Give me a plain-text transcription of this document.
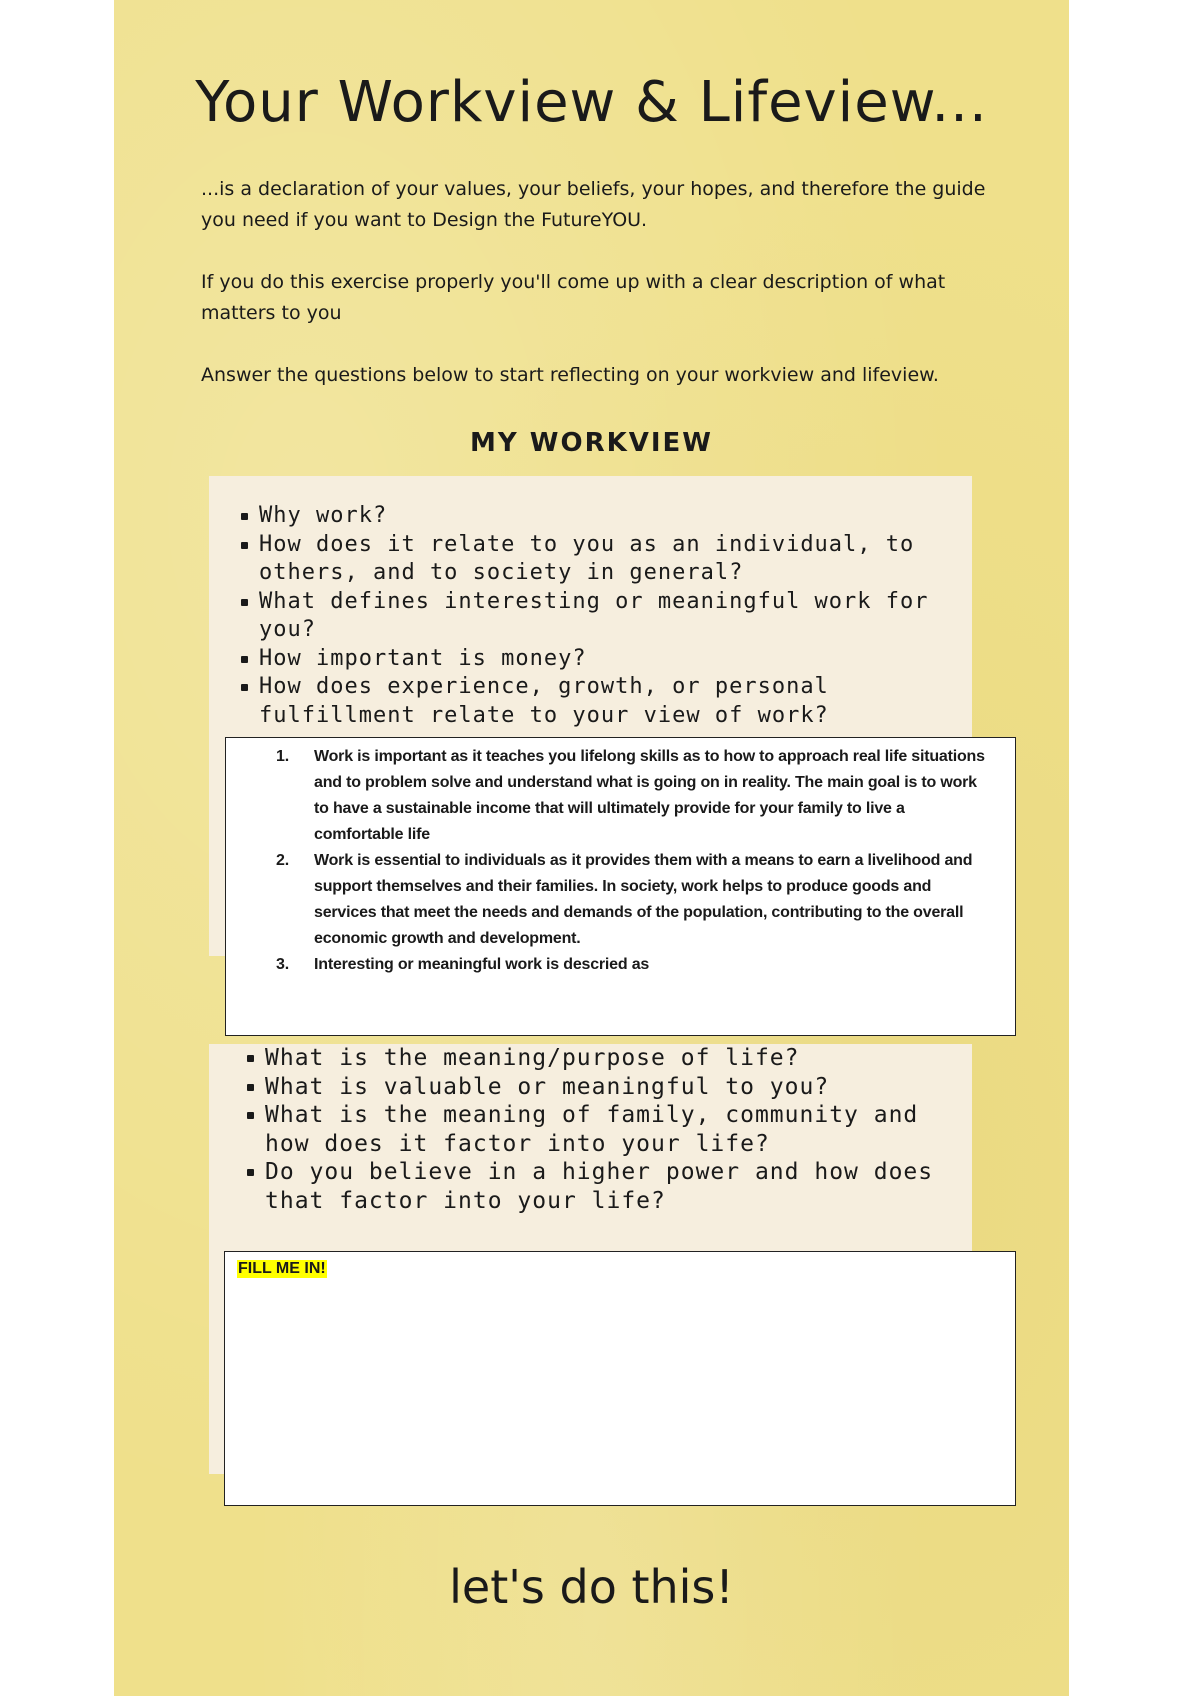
Your Workview & Lifeview...

...is a declaration of your values, your beliefs, your hopes, and therefore the guide you need if you want to Design the FutureYOU.

If you do this exercise properly you'll come up with a clear description of what matters to you

Answer the questions below to start reflecting on your workview and lifeview.

MY WORKVIEW
Why work?
How does it relate to you as an individual, to others, and to society in general?
What defines interesting or meaningful work for you?
How important is money?
How does experience, growth, or personal fulfillment relate to your view of work?
1. Work is important as it teaches you lifelong skills as to how to approach real life situations and to problem solve and understand what is going on in reality. The main goal is to work to have a sustainable income that will ultimately provide for your family to live a comfortable life
2. Work is essential to individuals as it provides them with a means to earn a livelihood and support themselves and their families. In society, work helps to produce goods and services that meet the needs and demands of the population, contributing to the overall economic growth and development.
3. Interesting or meaningful work is descried as
What is the meaning/purpose of life?
What is valuable or meaningful to you?
What is the meaning of family, community and how does it factor into your life?
Do you believe in a higher power and how does that factor into your life?
FILL ME IN!
let's do this!
